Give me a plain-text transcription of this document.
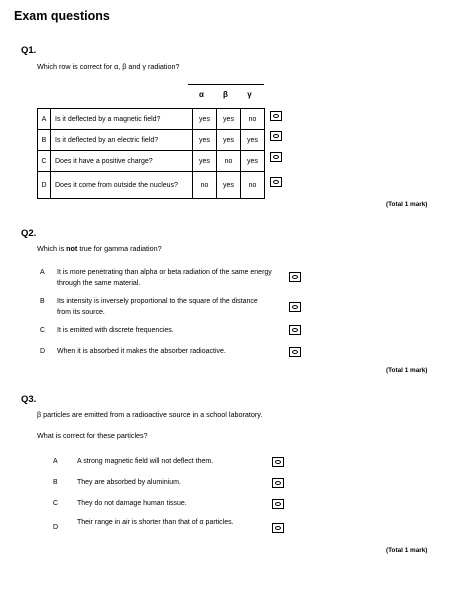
Exam questions
Q1.
Which row is correct for α, β and γ radiation?
α	β	γ
A	Is it deflected by a magnetic field?	yes	yes	no
B	Is it deflected by an electric field?	yes	yes	yes
C	Does it have a positive charge?	yes	no	yes
D	Does it come from outside the nucleus?	no	yes	no
(Total 1 mark)
Q2.
Which is not true for gamma radiation?
A It is more penetrating than alpha or beta radiation of the same energy through the same material.
B Its intensity is inversely proportional to the square of the distance from its source.
C It is emitted with discrete frequencies.
D When it is absorbed it makes the absorber radioactive.
(Total 1 mark)
Q3.
β particles are emitted from a radioactive source in a school laboratory.
What is correct for these particles?
A	A strong magnetic field will not deflect them.
B	They are absorbed by aluminium.
C	They do not damage human tissue.
D
Their range in air is shorter than that of α particles.
(Total 1 mark)
